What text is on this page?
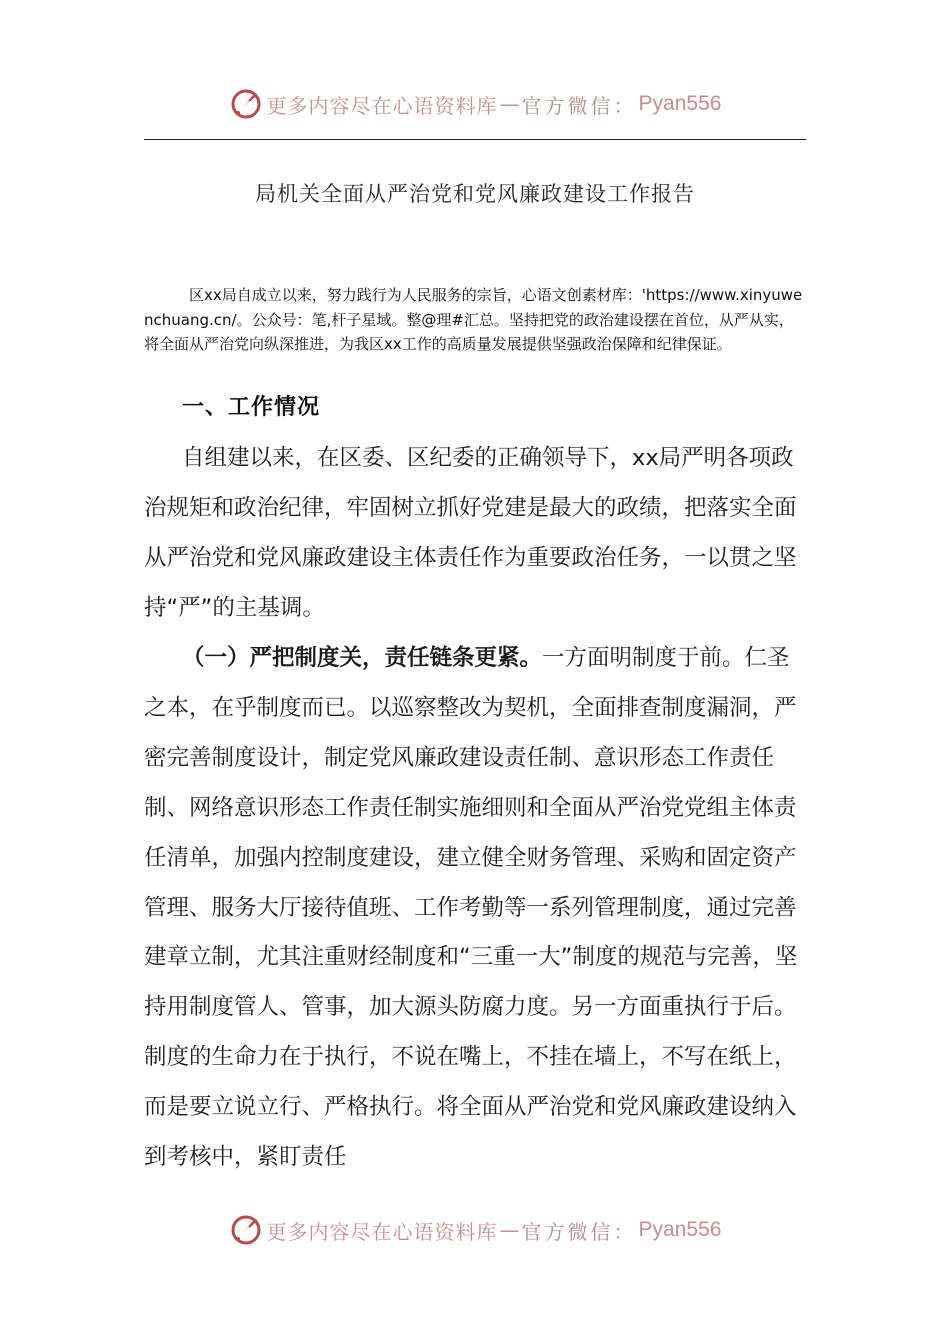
更多内容尽在心语资料库 — 官方微信： Pyan556
局机关全面从严治党和党风廉政建设工作报告

区xx局自成立以来，努力践行为人民服务的宗旨，心语文创素材库：'https://www.xinyuwenchuang.cn/。公众号：笔,杆子星域。整@理#汇总。坚持把党的政治建设摆在首位，从严从实，将全面从严治党向纵深推进，为我区xx工作的高质量发展提供坚强政治保障和纪律保证。

一、工作情况

自组建以来，在区委、区纪委的正确领导下，xx局严明各项政治规矩和政治纪律，牢固树立抓好党建是最大的政绩，把落实全面从严治党和党风廉政建设主体责任作为重要政治任务，一以贯之坚持“严”的主基调。

（一）严把制度关，责任链条更紧。一方面明制度于前。仁圣之本，在乎制度而已。以巡察整改为契机，全面排查制度漏洞，严密完善制度设计，制定党风廉政建设责任制、意识形态工作责任制、网络意识形态工作责任制实施细则和全面从严治党党组主体责任清单，加强内控制度建设，建立健全财务管理、采购和固定资产管理、服务大厅接待值班、工作考勤等一系列管理制度，通过完善建章立制，尤其注重财经制度和“三重一大”制度的规范与完善，坚持用制度管人、管事，加大源头防腐力度。另一方面重执行于后。制度的生命力在于执行，不说在嘴上，不挂在墙上，不写在纸上，而是要立说立行、严格执行。将全面从严治党和党风廉政建设纳入到考核中，紧盯责任

更多内容尽在心语资料库 — 官方微信： Pyan556
